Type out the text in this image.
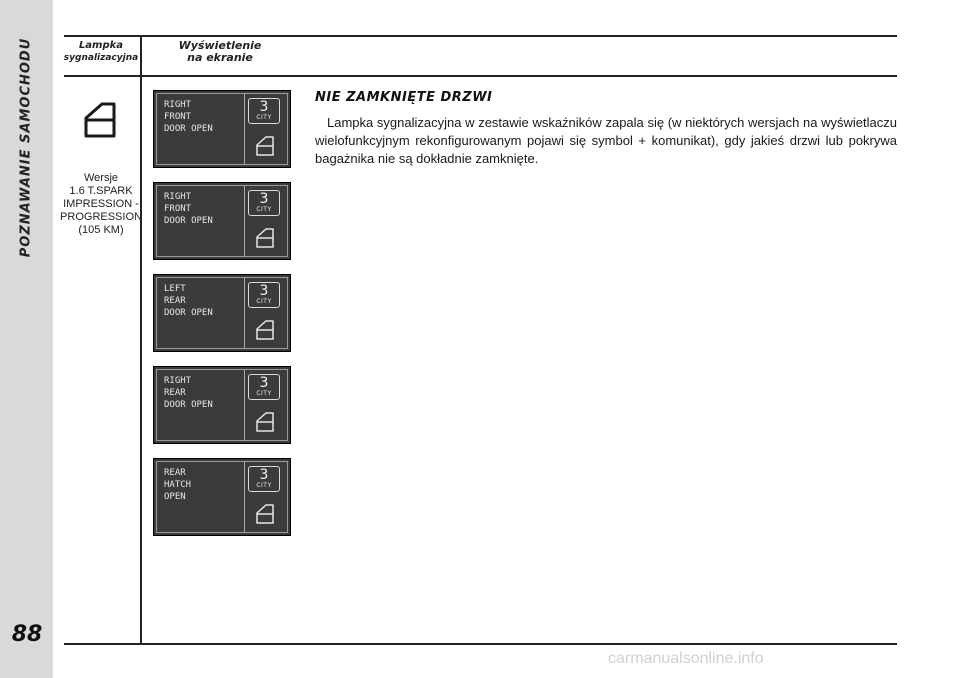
POZNAWANIE SAMOCHODU
88
Lampka
sygnalizacyjna
Wyświetlenie
na ekranie
Wersje
1.6 T.SPARK
IMPRESSION -
PROGRESSION
(105 KM)
RIGHT
FRONT
DOOR OPEN
3
CITY
RIGHT
FRONT
DOOR OPEN
3
CITY
LEFT
REAR
DOOR OPEN
3
CITY
RIGHT
REAR
DOOR OPEN
3
CITY
REAR
HATCH
OPEN
3
CITY
NIE ZAMKNIĘTE DRZWI
Lampka sygnalizacyjna w zestawie wskaźników zapala się (w niektórych wersjach na wyświetlaczu wielofunkcyjnym rekonfigurowanym pojawi się symbol + komunikat), gdy jakieś drzwi lub pokrywa bagażnika nie są dokładnie zamknięte.
carmanualsonline.info
